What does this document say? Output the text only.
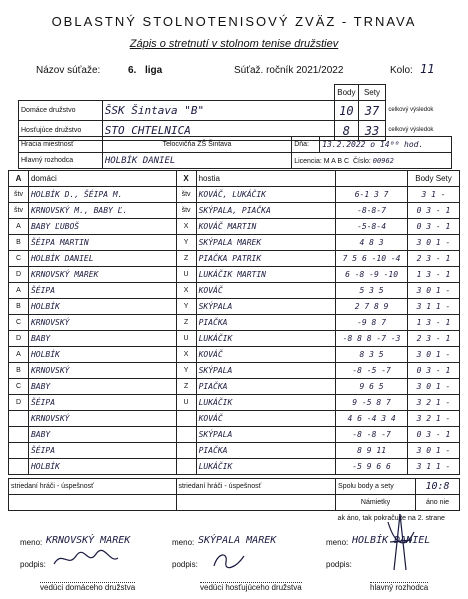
OBLASTNÝ STOLNOTENISOVÝ ZVÄZ - TRNAVA
Zápis o stretnutí v stolnom tenise družstiev
Názov súťaže:	6. liga	Súťaž. ročník 2021/2022	Kolo: 11
		Body	Sety	
Domáce družstvo	ŠSK Šintava "B"	10	37	celkový výsledok
Hosťujúce družstvo	STO CHTELNICA	8	33	celkový výsledok
Hracia miestnosť	Telocvičňa ZŠ Šintava	Dňa:	13.2.2022 o 14⁰⁰ hod.
Hlavný rozhodca	HOLBÍK DANIEL	Licencia: M A B C Číslo: 00962	
A	domáci	X	hostia		Body Sety
štv	HOLBÍK D., ŠÉIPA M.	štv	KOVÁČ, LUKÁČIK	6-1 3 7	3 1 -
štv	KRNOVSKÝ M., BABY Ľ.	štv	SKÝPALA, PIAČKA	-8-8-7	0 3 - 1
A	BABY ĽUBOŠ	X	KOVÁČ MARTIN	-5-8-4	0 3 - 1
B	ŠÉIPA MARTIN	Y	SKÝPALA MAREK	4 8 3	3 0 1 -
C	HOLBÍK DANIEL	Z	PIAČKA PATRIK	7 5 6 -10 -4	2 3 - 1
D	KRNOVSKÝ MAREK	U	LUKÁČIK MARTIN	6 -8 -9 -10	1 3 - 1
A	ŠÉIPA	X	KOVÁČ	5 3 5	3 0 1 -
B	HOLBÍK	Y	SKÝPALA	2 7 8 9	3 1 1 -
C	KRNOVSKÝ	Z	PIAČKA	-9 8 7	1 3 - 1
D	BABY	U	LUKÁČIK	-8 8 8 -7 -3	2 3 - 1
A	HOLBÍK	X	KOVÁČ	8 3 5	3 0 1 -
B	KRNOVSKÝ	Y	SKÝPALA	-8 -5 -7	0 3 - 1
C	BABY	Z	PIAČKA	9 6 5	3 0 1 -
D	ŠÉIPA	U	LUKÁČIK	9 -5 8 7	3 2 1 -
	KRNOVSKÝ		KOVÁČ	4 6 -4 3 4	3 2 1 -
	BABY		SKÝPALA	-8 -8 -7	0 3 - 1
	ŠÉIPA		PIAČKA	8 9 11	3 0 1 -
	HOLBÍK		LUKÁČIK	-5 9 6 6	3 1 1 -
striedaní hráči - úspešnosť	striedaní hráči - úspešnosť	Spolu body a sety	10:8
		Námietky	áno nie
		ak áno, tak pokračujte na 2. strane	
meno: KRNOVSKÝ MAREK
podpis:
vedúci domáceho družstva
meno: SKÝPALA MAREK
podpis:
vedúci hosťujúceho družstva
meno: HOLBÍK DANIEL
podpis:
hlavný rozhodca
